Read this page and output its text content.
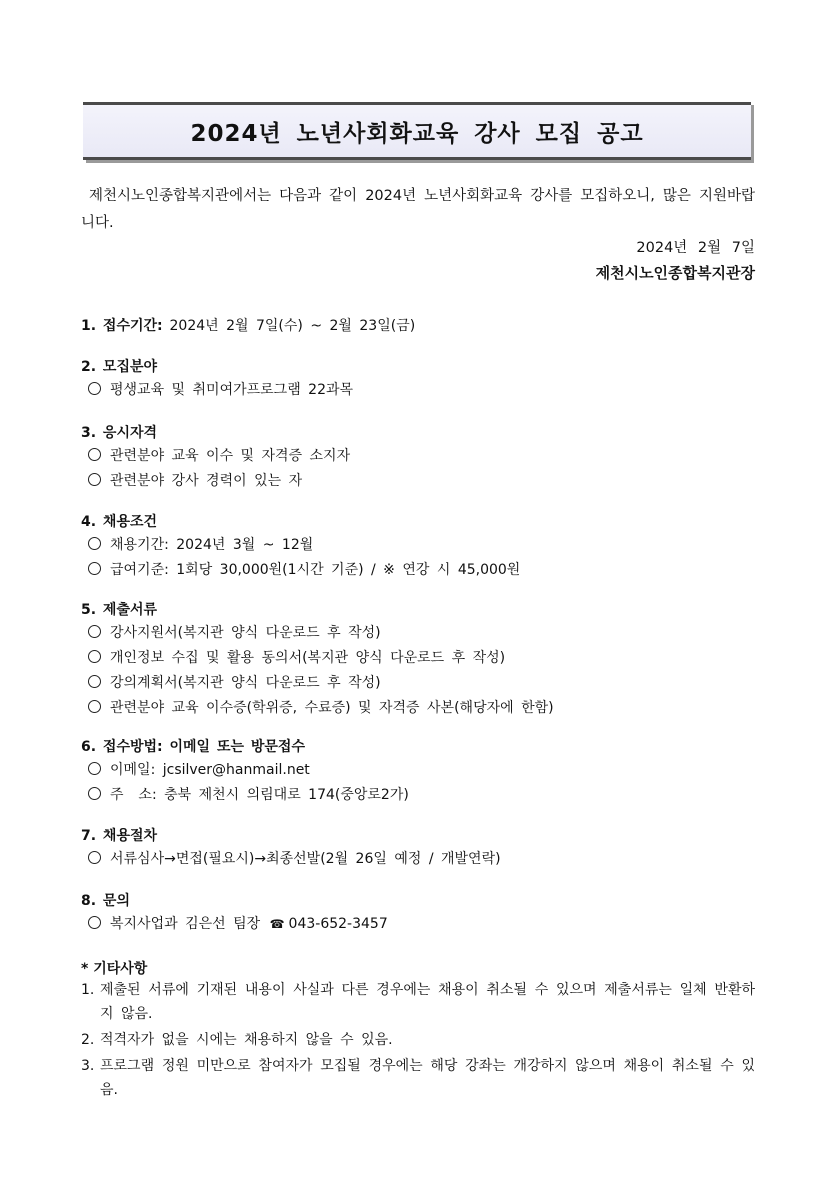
2024년 노년사회화교육 강사 모집 공고
제천시노인종합복지관에서는 다음과 같이 2024년 노년사회화교육 강사를 모집하오니, 많은 지원바랍니다.
2024년 2월 7일
제천시노인종합복지관장
1. 접수기간: 2024년 2월 7일(수) ~ 2월 23일(금)
2. 모집분야
평생교육 및 취미여가프로그램 22과목
3. 응시자격
관련분야 교육 이수 및 자격증 소지자
관련분야 강사 경력이 있는 자
4. 채용조건
채용기간: 2024년 3월 ~ 12월
급여기준: 1회당 30,000원(1시간 기준) / ※ 연강 시 45,000원
5. 제출서류
강사지원서(복지관 양식 다운로드 후 작성)
개인정보 수집 및 활용 동의서(복지관 양식 다운로드 후 작성)
강의계획서(복지관 양식 다운로드 후 작성)
관련분야 교육 이수증(학위증, 수료증) 및 자격증 사본(해당자에 한함)
6. 접수방법: 이메일 또는 방문접수
이메일: jcsilver@hanmail.net
주  소: 충북 제천시 의림대로 174(중앙로2가)
7. 채용절차
서류심사→면접(필요시)→최종선발(2월 26일 예정 / 개발연락)
8. 문의
복지사업과 김은선 팀장 ☎ 043-652-3457
* 기타사항
1. 제출된 서류에 기재된 내용이 사실과 다른 경우에는 채용이 취소될 수 있으며 제출서류는 일체 반환하지 않음.
2. 적격자가 없을 시에는 채용하지 않을 수 있음.
3. 프로그램 정원 미만으로 참여자가 모집될 경우에는 해당 강좌는 개강하지 않으며 채용이 취소될 수 있음.
